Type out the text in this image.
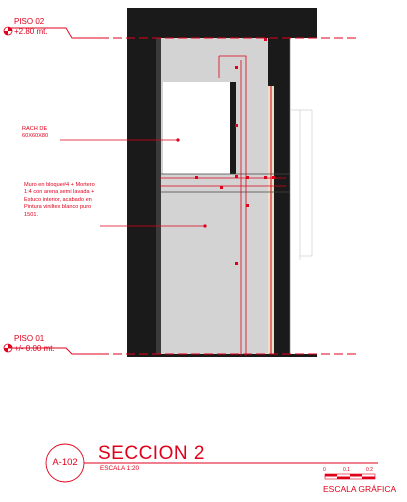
PISO 02
+2.80 mt.
PISO 01
+/- 0.00 mt.
RACH DE
60X60X80
Muro en bloque#4 + Mortero
1:4 con arena semi lavada +
Estuco interior, acabado en
Pintura viniltex blanco puro
1501.
A-102 SECCION 2
ESCALA 1:20	0	0.1	0.2
ESCALA GRÁFICA
